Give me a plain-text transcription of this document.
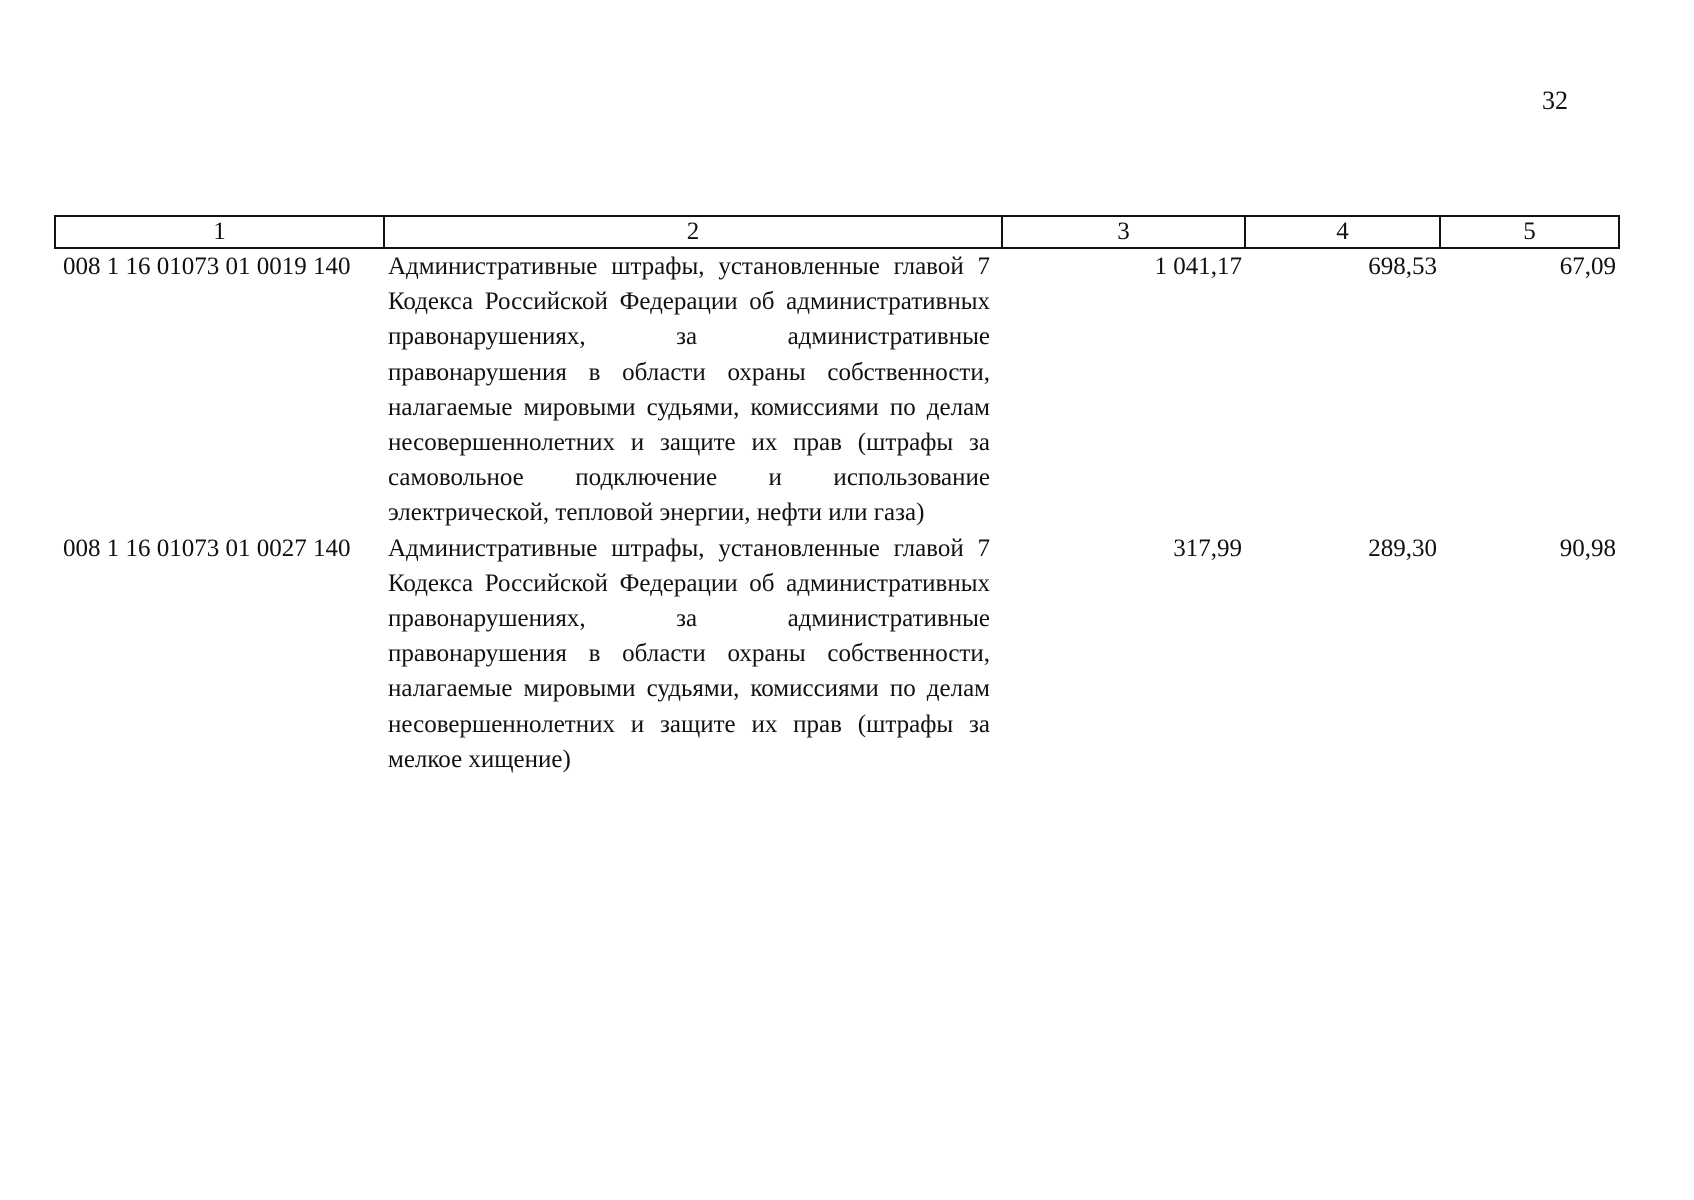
32
1	2	3	4	5
008 1 16 01073 01 0019 140	Административные штрафы, установленные главой 7 Кодекса Российской Федерации об административных правонарушениях, за административные правонарушения в области охраны собственности, налагаемые мировыми судьями, комиссиями по делам несовершеннолетних и защите их прав (штрафы за самовольное подключение и использование электрической, тепловой энергии, нефти или газа)	1 041,17	698,53	67,09
008 1 16 01073 01 0027 140	Административные штрафы, установленные главой 7 Кодекса Российской Федерации об административных правонарушениях, за административные правонарушения в области охраны собственности, налагаемые мировыми судьями, комиссиями по делам несовершеннолетних и защите их прав (штрафы за мелкое хищение)	317,99	289,30	90,98
